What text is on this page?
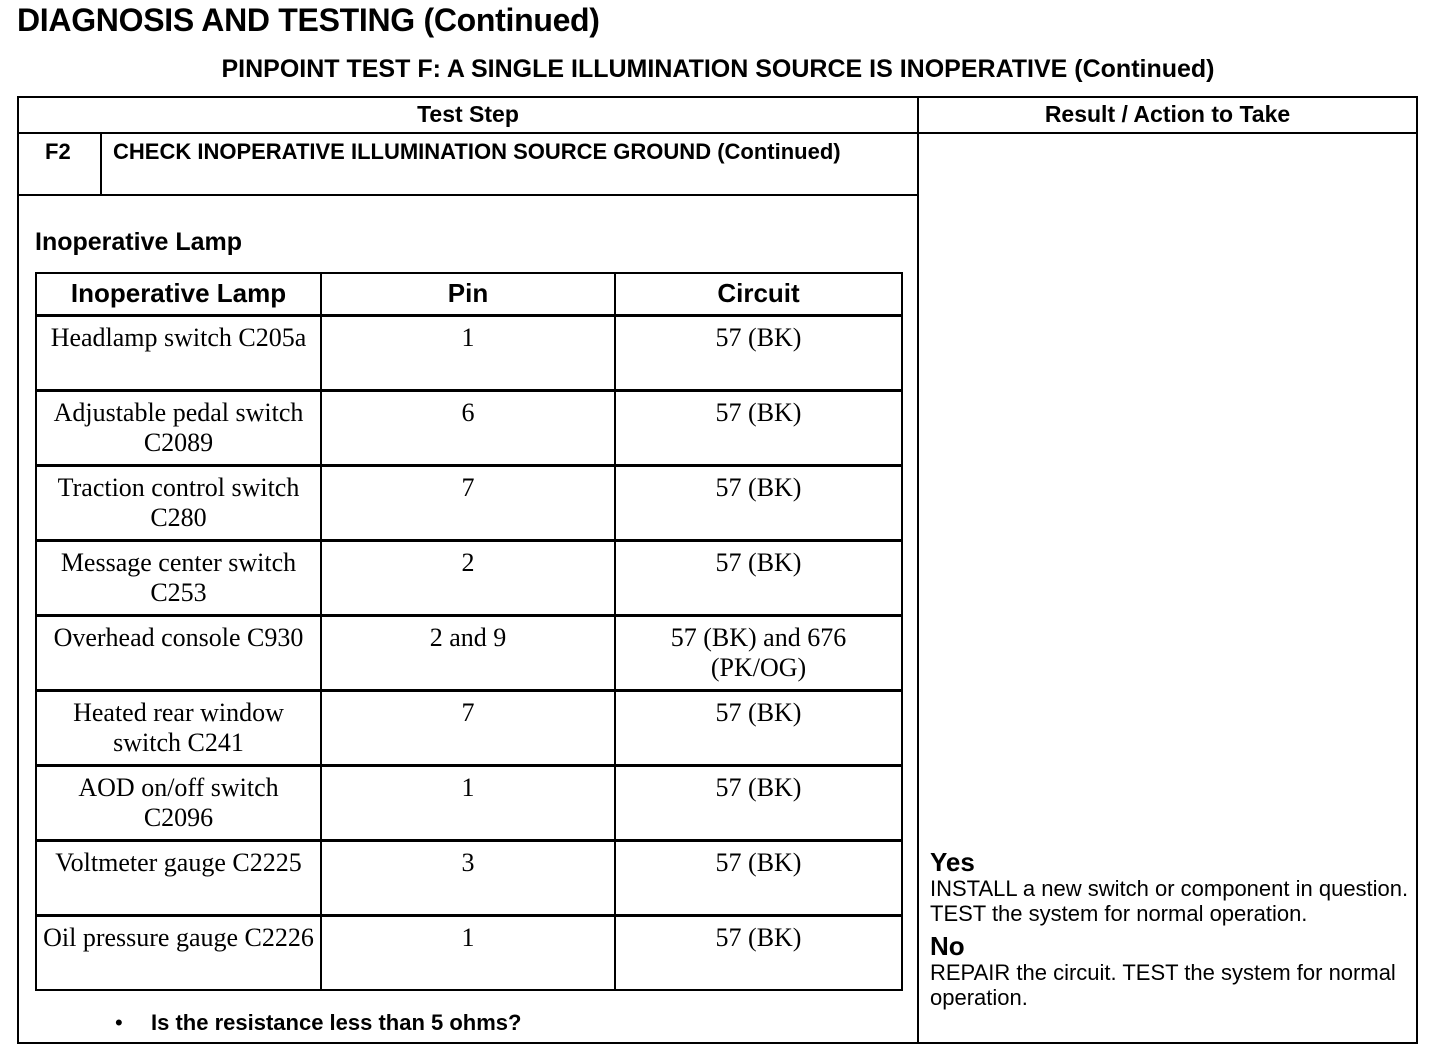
DIAGNOSIS AND TESTING (Continued)
PINPOINT TEST F: A SINGLE ILLUMINATION SOURCE IS INOPERATIVE (Continued)
Test Step	Result / Action to Take
F2 CHECK INOPERATIVE ILLUMINATION SOURCE GROUND (Continued)
Inoperative Lamp
Inoperative Lamp	Pin	Circuit
Headlamp switch C205a	1	57 (BK)
Adjustable pedal switch C2089	6	57 (BK)
Traction control switch C280	7	57 (BK)
Message center switch C253	2	57 (BK)
Overhead console C930	2 and 9	57 (BK) and 676 (PK/OG)
Heated rear window switch C241	7	57 (BK)
AOD on/off switch C2096	1	57 (BK)
Voltmeter gauge C2225	3	57 (BK)
Oil pressure gauge C2226	1	57 (BK)
• Is the resistance less than 5 ohms?
Yes
INSTALL a new switch or component in question. TEST the system for normal operation.
No
REPAIR the circuit. TEST the system for normal operation.
